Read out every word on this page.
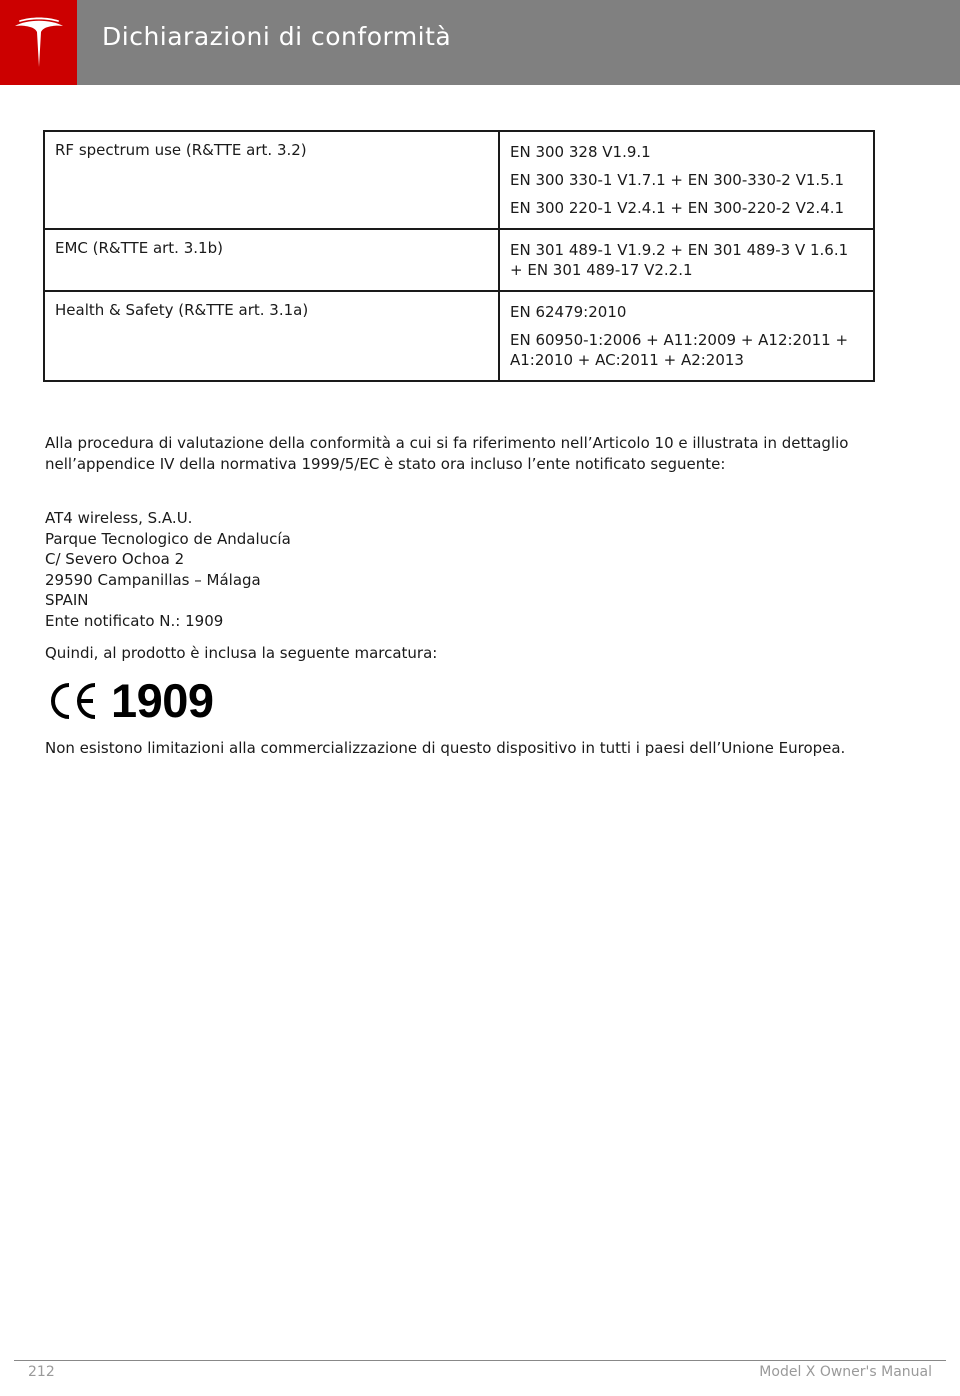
Dichiarazioni di conformità
RF spectrum use (R&TTE art. 3.2)	EN 300 328 V1.9.1
EN 300 330-1 V1.7.1 + EN 300-330-2 V1.5.1
EN 300 220-1 V2.4.1 + EN 300-220-2 V2.4.1

EMC (R&TTE art. 3.1b)	EN 301 489-1 V1.9.2 + EN 301 489-3 V 1.6.1 + EN 301 489-17 V2.2.1

Health & Safety (R&TTE art. 3.1a)	EN 62479:2010
EN 60950-1:2006 + A11:2009 + A12:2011 + A1:2010 + AC:2011 + A2:2013
Alla procedura di valutazione della conformità a cui si fa riferimento nell’Articolo 10 e illustrata in dettaglio nell’appendice IV della normativa 1999/5/EC è stato ora incluso l’ente notificato seguente:
AT4 wireless, S.A.U.
Parque Tecnologico de Andalucía
C/ Severo Ochoa 2
29590 Campanillas – Málaga
SPAIN
Ente notificato N.: 1909
Quindi, al prodotto è inclusa la seguente marcatura:
1909
Non esistono limitazioni alla commercializzazione di questo dispositivo in tutti i paesi dell’Unione Europea.
212	Model X Owner's Manual
